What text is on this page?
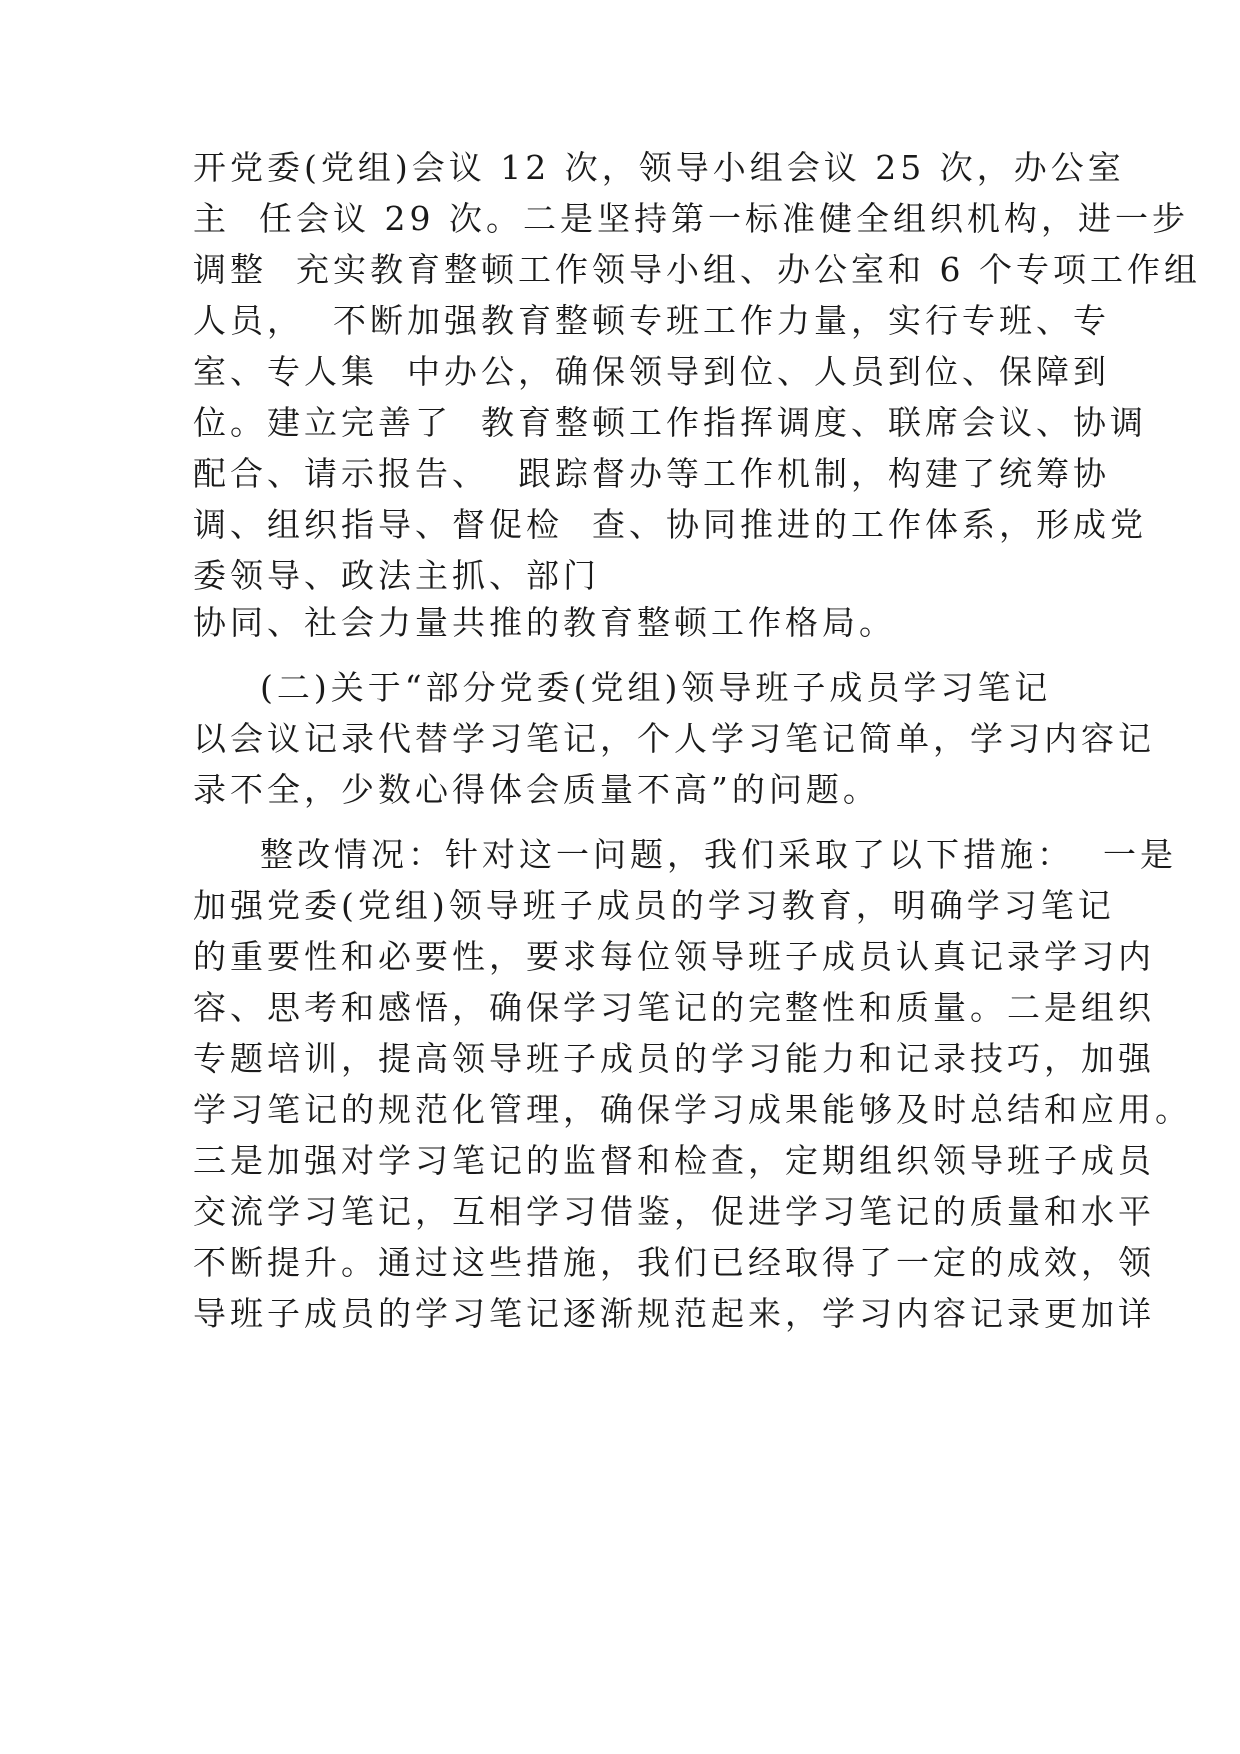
开党委(党组)会议 12 次，领导小组会议 25 次，办公室
主  任会议 29 次。二是坚持第一标准健全组织机构，进一步
调整  充实教育整顿工作领导小组、办公室和 6 个专项工作组
人员，  不断加强教育整顿专班工作力量，实行专班、专
室、专人集  中办公，确保领导到位、人员到位、保障到
位。建立完善了  教育整顿工作指挥调度、联席会议、协调
配合、请示报告、  跟踪督办等工作机制，构建了统筹协
调、组织指导、督促检  查、协同推进的工作体系，形成党
委领导、政法主抓、部门
协同、社会力量共推的教育整顿工作格局。
(二)关于“部分党委(党组)领导班子成员学习笔记
以会议记录代替学习笔记，个人学习笔记简单，学习内容记
录不全，少数心得体会质量不高”的问题。
整改情况：针对这一问题，我们采取了以下措施：  一是
加强党委(党组)领导班子成员的学习教育，明确学习笔记
的重要性和必要性，要求每位领导班子成员认真记录学习内
容、思考和感悟，确保学习笔记的完整性和质量。二是组织
专题培训，提高领导班子成员的学习能力和记录技巧，加强
学习笔记的规范化管理，确保学习成果能够及时总结和应用。
三是加强对学习笔记的监督和检查，定期组织领导班子成员
交流学习笔记，互相学习借鉴，促进学习笔记的质量和水平
不断提升。通过这些措施，我们已经取得了一定的成效，领
导班子成员的学习笔记逐渐规范起来，学习内容记录更加详
